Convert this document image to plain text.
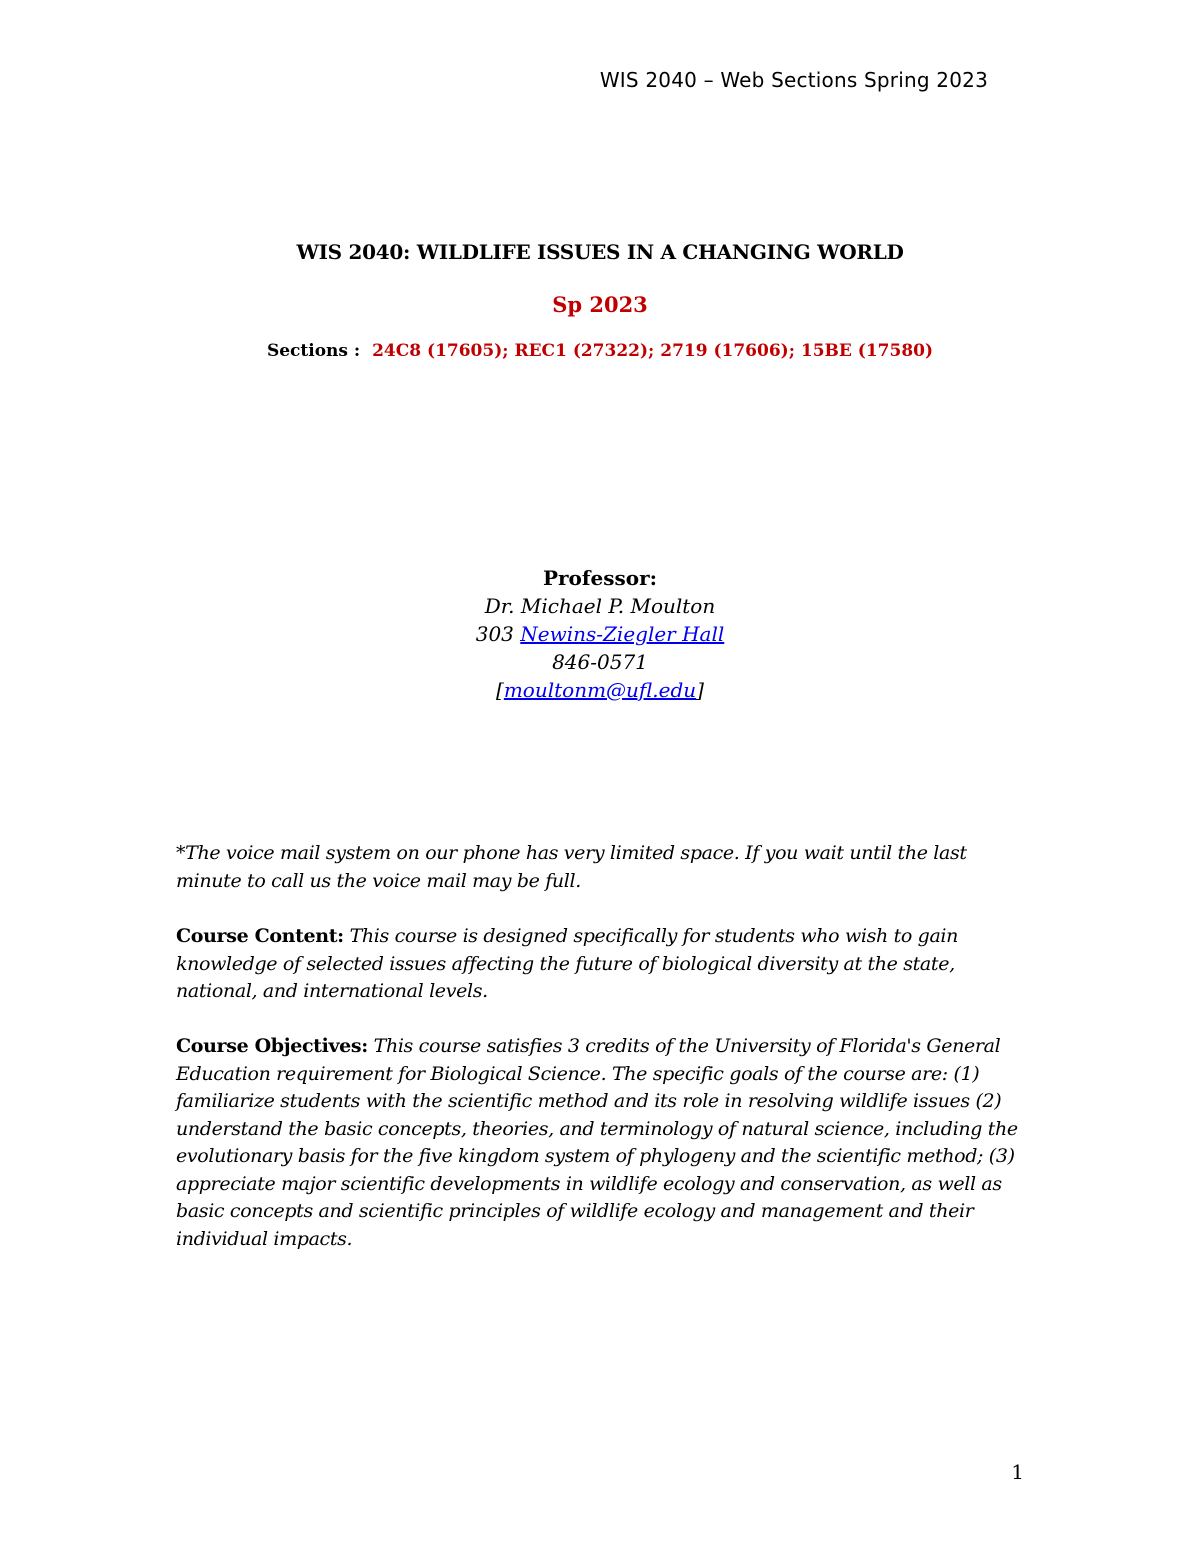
WIS 2040 – Web Sections Spring 2023
WIS 2040: WILDLIFE ISSUES IN A CHANGING WORLD
Sp 2023
Sections : 24C8 (17605); REC1 (27322); 2719 (17606); 15BE (17580)
Professor:
Dr. Michael P. Moulton
303 Newins-Ziegler Hall
846-0571
[moultonm@ufl.edu]
*The voice mail system on our phone has very limited space. If you wait until the last minute to call us the voice mail may be full.
Course Content: This course is designed specifically for students who wish to gain knowledge of selected issues affecting the future of biological diversity at the state, national, and international levels.
Course Objectives: This course satisfies 3 credits of the University of Florida's General Education requirement for Biological Science. The specific goals of the course are: (1) familiarize students with the scientific method and its role in resolving wildlife issues (2) understand the basic concepts, theories, and terminology of natural science, including the evolutionary basis for the five kingdom system of phylogeny and the scientific method; (3) appreciate major scientific developments in wildlife ecology and conservation, as well as basic concepts and scientific principles of wildlife ecology and management and their individual impacts.
1
